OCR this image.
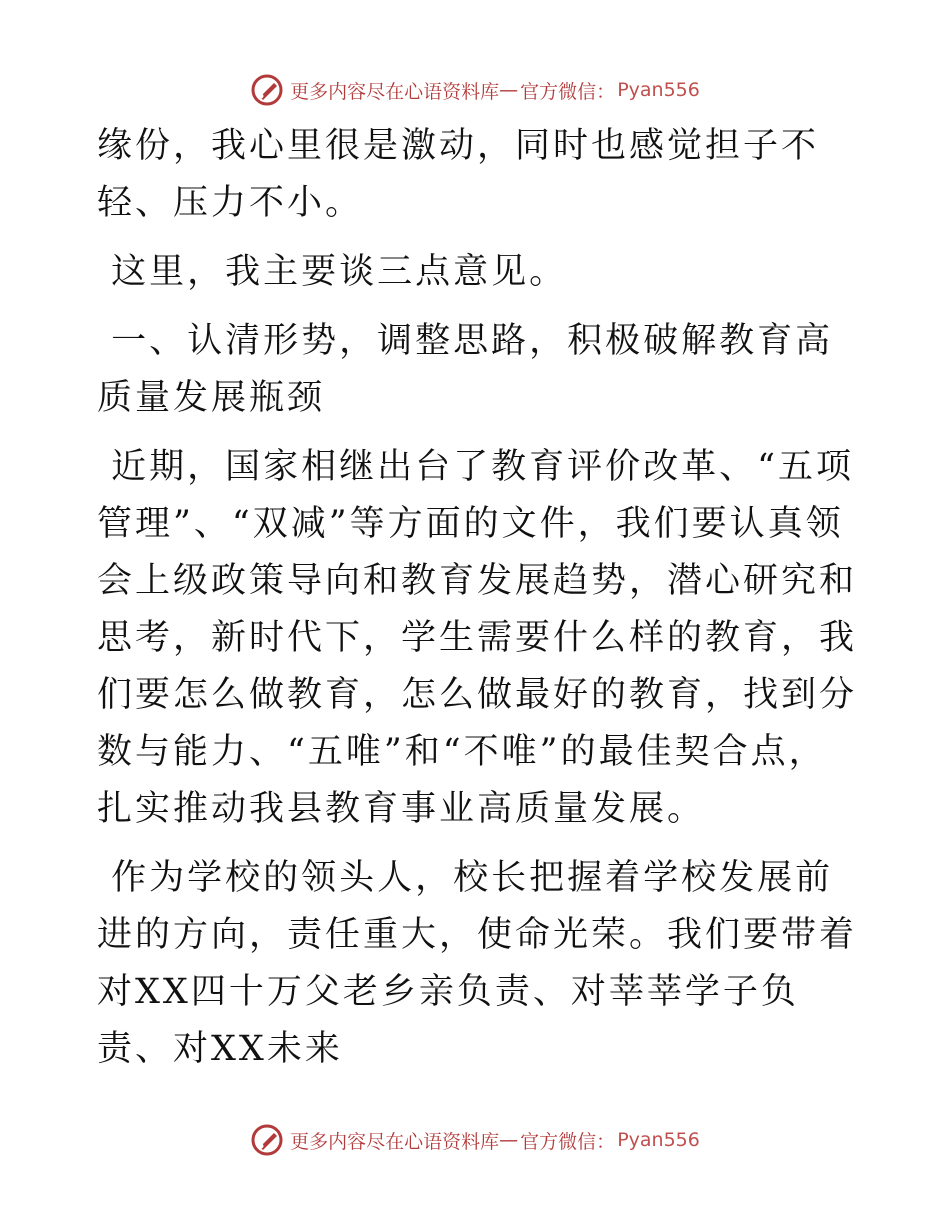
更多内容尽在心语资料库 — 官方微信： Pyan556

缘份，我心里很是激动，同时也感觉担子不轻、压力不小。

这里，我主要谈三点意见。

一、认清形势，调整思路，积极破解教育高质量发展瓶颈

近期，国家相继出台了教育评价改革、“五项管理”、“双减”等方面的文件，我们要认真领会上级政策导向和教育发展趋势，潜心研究和思考，新时代下，学生需要什么样的教育，我们要怎么做教育，怎么做最好的教育，找到分数与能力、“五唯”和“不唯”的最佳契合点，扎实推动我县教育事业高质量发展。

作为学校的领头人，校长把握着学校发展前进的方向，责任重大，使命光荣。我们要带着对XX四十万父老乡亲负责、对莘莘学子负责、对XX未来

更多内容尽在心语资料库 — 官方微信： Pyan556
